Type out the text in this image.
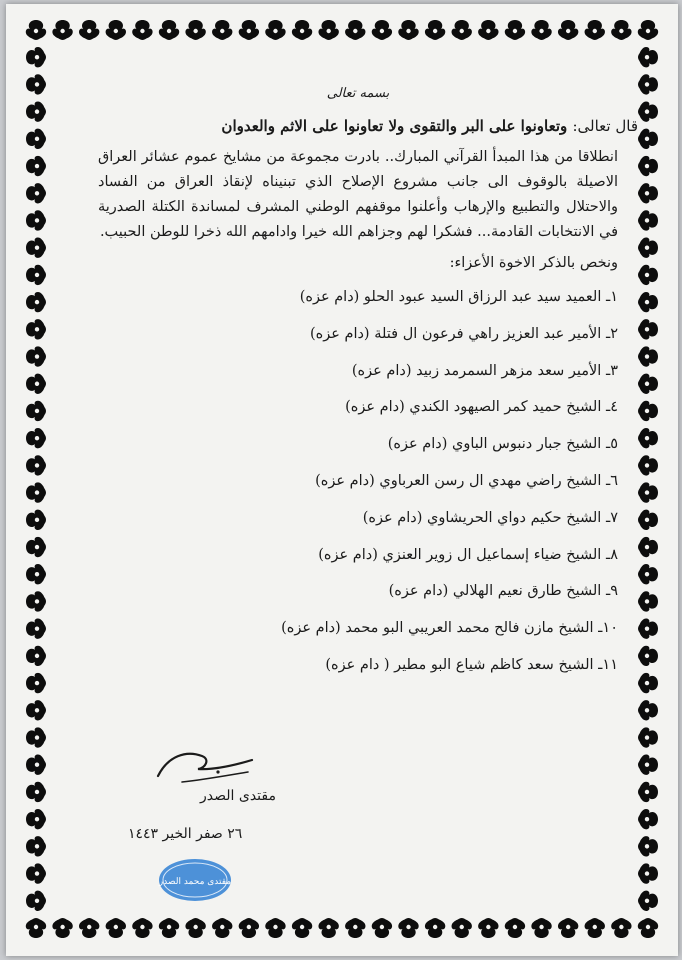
بسمه تعالى

قال تعالى: وتعاونوا على البر والتقوى ولا تعاونوا على الاثم والعدوان

انطلاقا من هذا المبدأ القرآني المبارك.. بادرت مجموعة من مشايخ عموم عشائر العراق الاصيلة بالوقوف الى جانب مشروع الإصلاح الذي تبنيناه لإنقاذ العراق من الفساد والاحتلال والتطبيع والإرهاب وأعلنوا موقفهم الوطني المشرف لمساندة الكتلة الصدرية في الانتخابات القادمة... فشكرا لهم وجزاهم الله خيرا وادامهم الله ذخرا للوطن الحبيب.

ونخص بالذكر الاخوة الأعزاء:

١ـ العميد سيد عبد الرزاق السيد عبود الحلو (دام عزه)
٢ـ الأمير عبد العزيز راهي فرعون ال فتلة (دام عزه)
٣ـ الأمير سعد مزهر السمرمد زبيد (دام عزه)
٤ـ الشيخ حميد كمر الصيهود الكندي (دام عزه)
٥ـ الشيخ جبار دنبوس الباوي (دام عزه)
٦ـ الشيخ راضي مهدي ال رسن العرباوي (دام عزه)
٧ـ الشيخ حكيم دواي الحريشاوي (دام عزه)
٨ـ الشيخ ضياء إسماعيل ال زوير العنزي (دام عزه)
٩ـ الشيخ طارق نعيم الهلالي (دام عزه)
١٠ـ الشيخ مازن فالح محمد العريبي البو محمد (دام عزه)
١١ـ الشيخ سعد كاظم شياع البو مطير ( دام عزه)
مقتدى الصدر
٢٦ صفر الخير ١٤٤٣
مقتدى محمد الصدر
